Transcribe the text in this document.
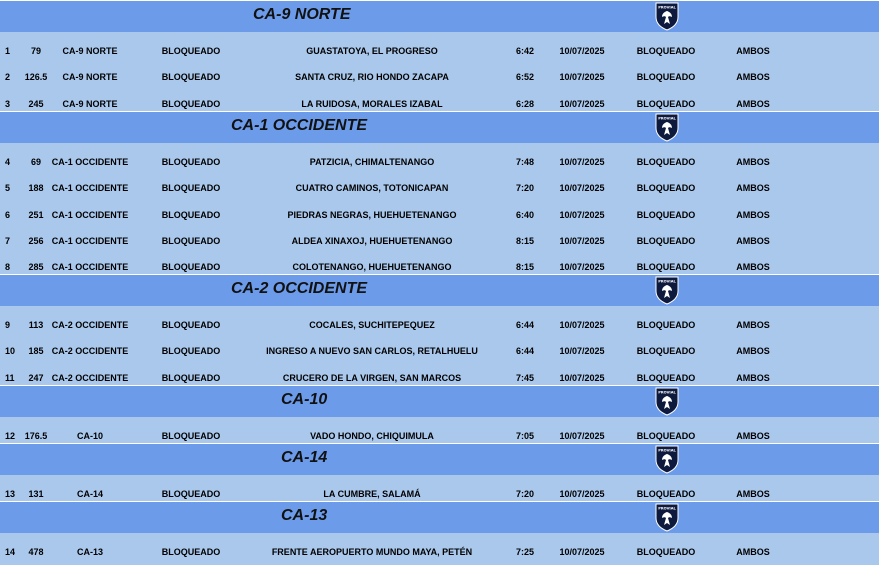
CA-9 NORTE	PROVIAL
1 79 CA-9 NORTE	BLOQUEADO	GUASTATOYA, EL PROGRESO	6:42	10/07/2025	BLOQUEADO	AMBOS
2 126.5 CA-9 NORTE	BLOQUEADO	SANTA CRUZ, RIO HONDO ZACAPA	6:52	10/07/2025	BLOQUEADO	AMBOS
3 245 CA-9 NORTE	BLOQUEADO	LA RUIDOSA, MORALES IZABAL	6:28	10/07/2025	BLOQUEADO	AMBOS
CA-1 OCCIDENTE	PROVIAL
4 69 CA-1 OCCIDENTE	BLOQUEADO	PATZICIA, CHIMALTENANGO	7:48	10/07/2025	BLOQUEADO	AMBOS
5 188 CA-1 OCCIDENTE	BLOQUEADO	CUATRO CAMINOS, TOTONICAPAN	7:20	10/07/2025	BLOQUEADO	AMBOS
6 251 CA-1 OCCIDENTE	BLOQUEADO	PIEDRAS NEGRAS, HUEHUETENANGO	6:40	10/07/2025	BLOQUEADO	AMBOS
7 256 CA-1 OCCIDENTE	BLOQUEADO	ALDEA XINAXOJ, HUEHUETENANGO	8:15	10/07/2025	BLOQUEADO	AMBOS
8 285 CA-1 OCCIDENTE	BLOQUEADO	COLOTENANGO, HUEHUETENANGO	8:15	10/07/2025	BLOQUEADO	AMBOS
CA-2 OCCIDENTE	PROVIAL
9 113 CA-2 OCCIDENTE	BLOQUEADO	COCALES, SUCHITEPEQUEZ	6:44	10/07/2025	BLOQUEADO	AMBOS
10 185 CA-2 OCCIDENTE	BLOQUEADO	INGRESO A NUEVO SAN CARLOS, RETALHUELU	6:44	10/07/2025	BLOQUEADO	AMBOS
11 247 CA-2 OCCIDENTE	BLOQUEADO	CRUCERO DE LA VIRGEN, SAN MARCOS	7:45	10/07/2025	BLOQUEADO	AMBOS
CA-10	PROVIAL
12 176.5	CA-10	BLOQUEADO	VADO HONDO, CHIQUIMULA	7:05	10/07/2025	BLOQUEADO	AMBOS
CA-14	PROVIAL
13 131	CA-14	BLOQUEADO	LA CUMBRE, SALAMÁ	7:20	10/07/2025	BLOQUEADO	AMBOS
CA-13	PROVIAL
14 478	CA-13	BLOQUEADO	FRENTE AEROPUERTO MUNDO MAYA, PETÉN	7:25	10/07/2025	BLOQUEADO	AMBOS
